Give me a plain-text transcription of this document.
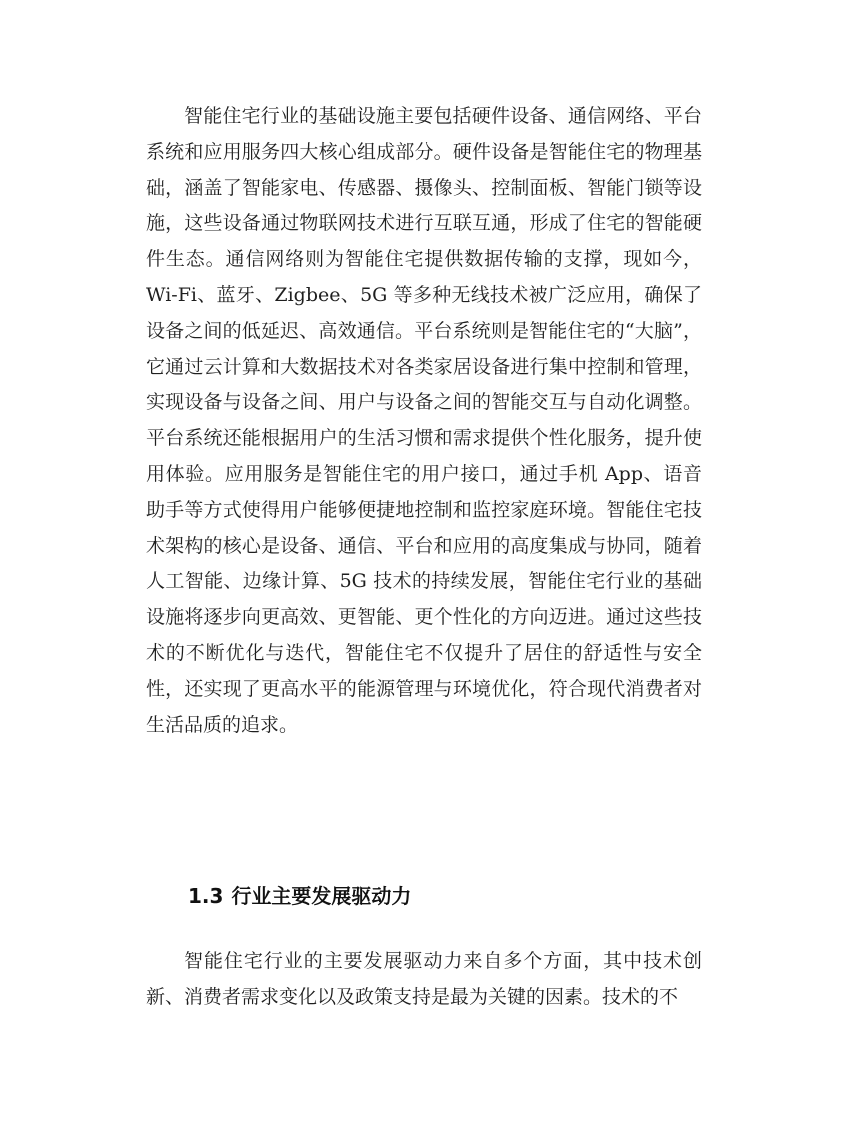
智能住宅行业的基础设施主要包括硬件设备、通信网络、平台系统和应用服务四大核心组成部分。硬件设备是智能住宅的物理基础，涵盖了智能家电、传感器、摄像头、控制面板、智能门锁等设施，这些设备通过物联网技术进行互联互通，形成了住宅的智能硬件生态。通信网络则为智能住宅提供数据传输的支撑，现如今，Wi-Fi、蓝牙、Zigbee、5G 等多种无线技术被广泛应用，确保了设备之间的低延迟、高效通信。平台系统则是智能住宅的“大脑”，它通过云计算和大数据技术对各类家居设备进行集中控制和管理，实现设备与设备之间、用户与设备之间的智能交互与自动化调整。平台系统还能根据用户的生活习惯和需求提供个性化服务，提升使用体验。应用服务是智能住宅的用户接口，通过手机 App、语音助手等方式使得用户能够便捷地控制和监控家庭环境。智能住宅技术架构的核心是设备、通信、平台和应用的高度集成与协同，随着人工智能、边缘计算、5G 技术的持续发展，智能住宅行业的基础设施将逐步向更高效、更智能、更个性化的方向迈进。通过这些技术的不断优化与迭代，智能住宅不仅提升了居住的舒适性与安全性，还实现了更高水平的能源管理与环境优化，符合现代消费者对生活品质的追求。

1.3 行业主要发展驱动力

智能住宅行业的主要发展驱动力来自多个方面，其中技术创新、消费者需求变化以及政策支持是最为关键的因素。技术的不
